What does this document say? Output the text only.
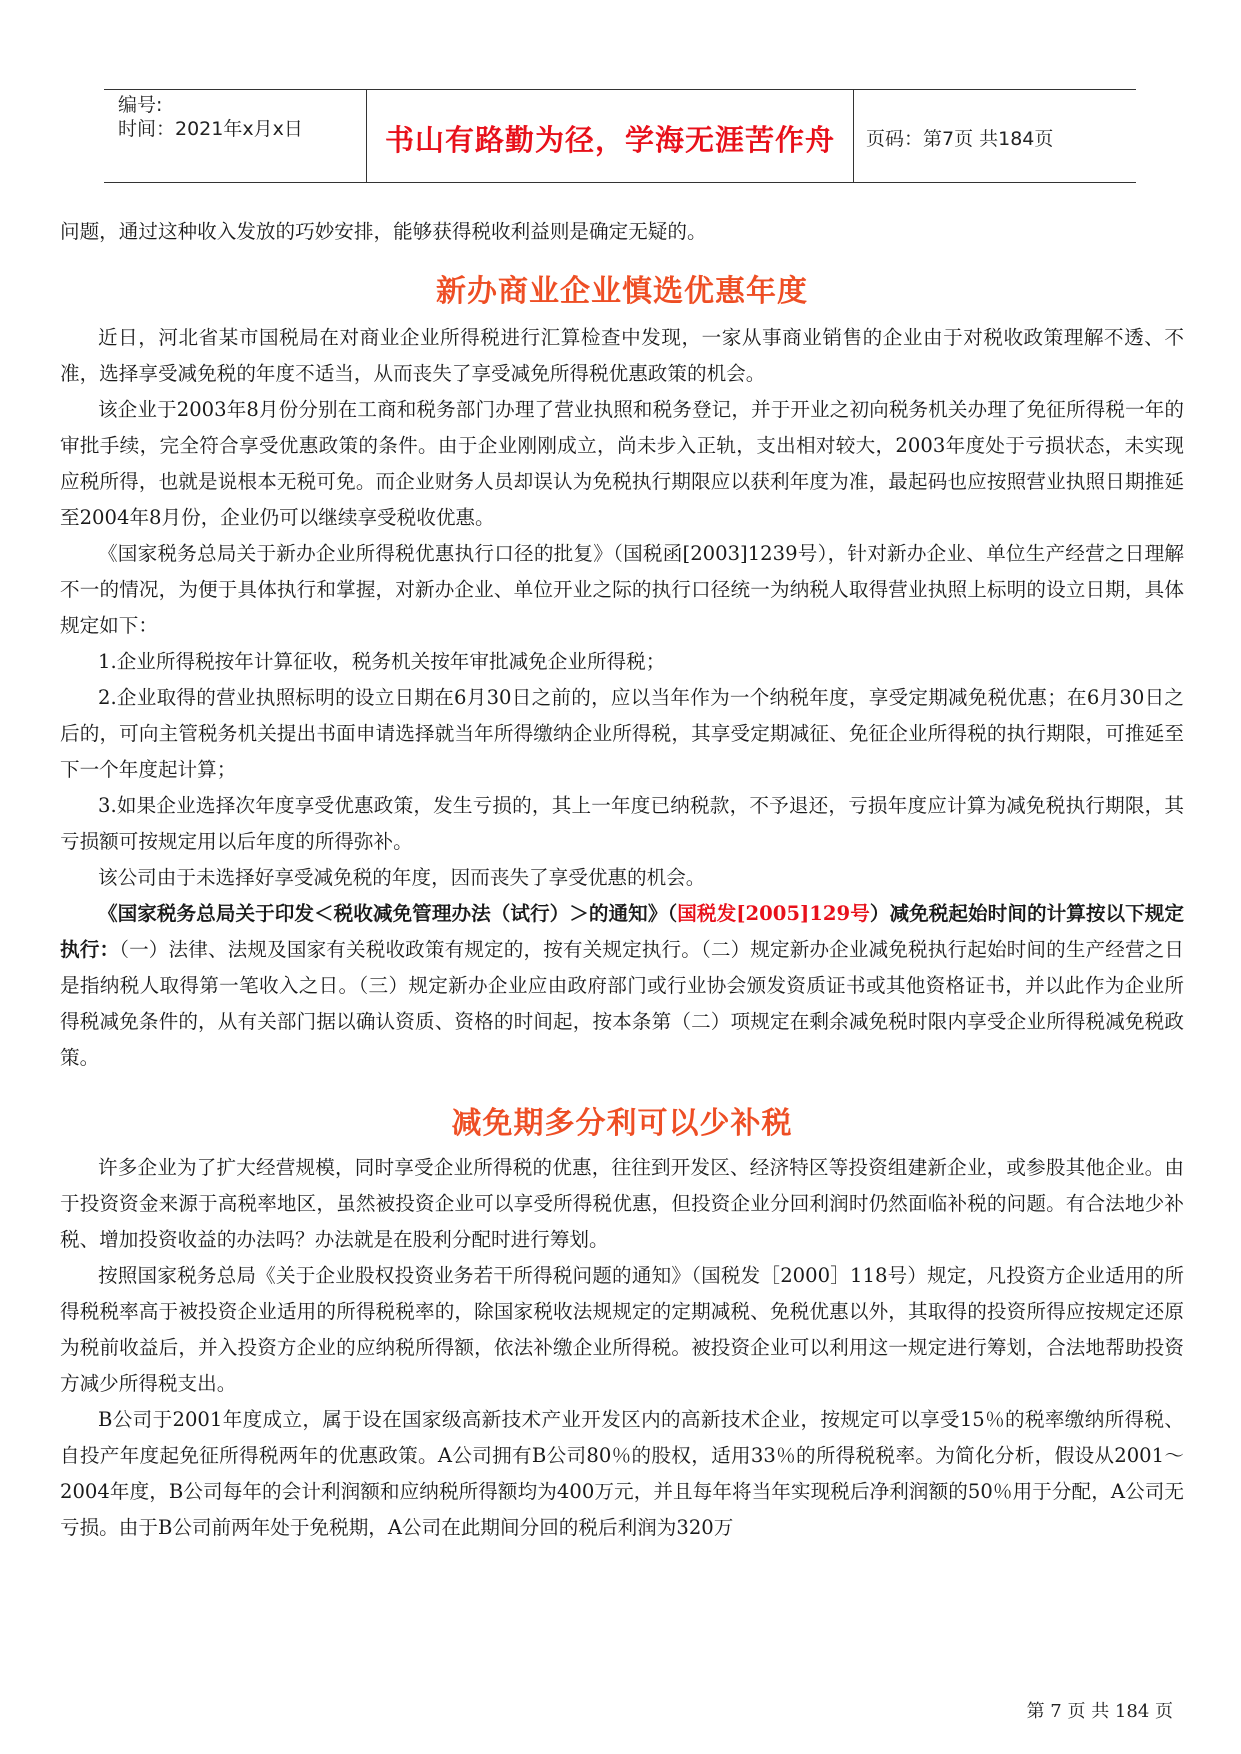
编号:
时间：2021年x月x日	书山有路勤为径，学海无涯苦作舟	页码：第7页 共184页

问题，通过这种收入发放的巧妙安排，能够获得税收利益则是确定无疑的。

新办商业企业慎选优惠年度

近日，河北省某市国税局在对商业企业所得税进行汇算检查中发现，一家从事商业销售的企业由于对税收政策理解不透、不准，选择享受减免税的年度不适当，从而丧失了享受减免所得税优惠政策的机会。

该企业于2003年8月份分别在工商和税务部门办理了营业执照和税务登记，并于开业之初向税务机关办理了免征所得税一年的审批手续，完全符合享受优惠政策的条件。由于企业刚刚成立，尚未步入正轨，支出相对较大，2003年度处于亏损状态，未实现应税所得，也就是说根本无税可免。而企业财务人员却误认为免税执行期限应以获利年度为准，最起码也应按照营业执照日期推延至2004年8月份，企业仍可以继续享受税收优惠。

《国家税务总局关于新办企业所得税优惠执行口径的批复》（国税函[2003]1239号），针对新办企业、单位生产经营之日理解不一的情况，为便于具体执行和掌握，对新办企业、单位开业之际的执行口径统一为纳税人取得营业执照上标明的设立日期，具体规定如下：

1.企业所得税按年计算征收，税务机关按年审批减免企业所得税；

2.企业取得的营业执照标明的设立日期在6月30日之前的，应以当年作为一个纳税年度，享受定期减免税优惠；在6月30日之后的，可向主管税务机关提出书面申请选择就当年所得缴纳企业所得税，其享受定期减征、免征企业所得税的执行期限，可推延至下一个年度起计算；

3.如果企业选择次年度享受优惠政策，发生亏损的，其上一年度已纳税款，不予退还，亏损年度应计算为减免税执行期限，其亏损额可按规定用以后年度的所得弥补。

该公司由于未选择好享受减免税的年度，因而丧失了享受优惠的机会。

《国家税务总局关于印发＜税收减免管理办法（试行）＞的通知》（国税发[2005]129号）减免税起始时间的计算按以下规定执行：（一）法律、法规及国家有关税收政策有规定的，按有关规定执行。（二）规定新办企业减免税执行起始时间的生产经营之日是指纳税人取得第一笔收入之日。（三）规定新办企业应由政府部门或行业协会颁发资质证书或其他资格证书，并以此作为企业所得税减免条件的，从有关部门据以确认资质、资格的时间起，按本条第（二）项规定在剩余减免税时限内享受企业所得税减免税政策。

减免期多分利可以少补税

许多企业为了扩大经营规模，同时享受企业所得税的优惠，往往到开发区、经济特区等投资组建新企业，或参股其他企业。由于投资资金来源于高税率地区，虽然被投资企业可以享受所得税优惠，但投资企业分回利润时仍然面临补税的问题。有合法地少补税、增加投资收益的办法吗？办法就是在股利分配时进行筹划。

按照国家税务总局《关于企业股权投资业务若干所得税问题的通知》（国税发［2000］118号）规定，凡投资方企业适用的所得税税率高于被投资企业适用的所得税税率的，除国家税收法规规定的定期减税、免税优惠以外，其取得的投资所得应按规定还原为税前收益后，并入投资方企业的应纳税所得额，依法补缴企业所得税。被投资企业可以利用这一规定进行筹划，合法地帮助投资方减少所得税支出。

B公司于2001年度成立，属于设在国家级高新技术产业开发区内的高新技术企业，按规定可以享受15％的税率缴纳所得税、自投产年度起免征所得税两年的优惠政策。A公司拥有B公司80％的股权，适用33％的所得税税率。为简化分析，假设从2001～2004年度，B公司每年的会计利润额和应纳税所得额均为400万元，并且每年将当年实现税后净利润额的50％用于分配，A公司无亏损。由于B公司前两年处于免税期，A公司在此期间分回的税后利润为320万

第 7 页 共 184 页
